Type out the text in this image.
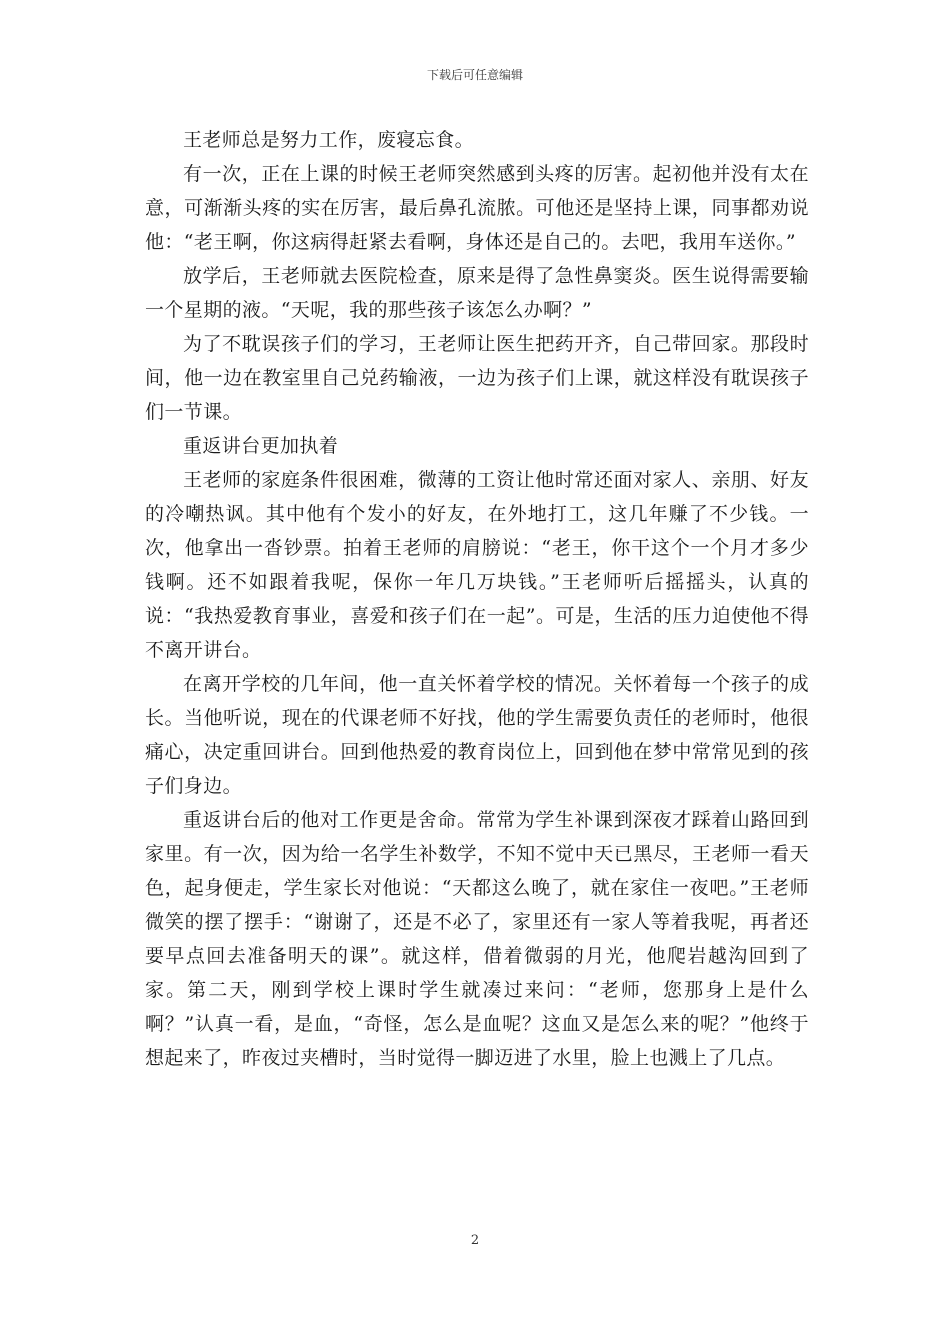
下载后可任意编辑

王老师总是努力工作，废寝忘食。

有一次，正在上课的时候王老师突然感到头疼的厉害。起初他并没有太在意，可渐渐头疼的实在厉害，最后鼻孔流脓。可他还是坚持上课，同事都劝说他：“老王啊，你这病得赶紧去看啊，身体还是自己的。去吧，我用车送你。”

放学后，王老师就去医院检查，原来是得了急性鼻窦炎。医生说得需要输一个星期的液。“天呢，我的那些孩子该怎么办啊？”

为了不耽误孩子们的学习，王老师让医生把药开齐，自己带回家。那段时间，他一边在教室里自己兑药输液，一边为孩子们上课，就这样没有耽误孩子们一节课。

重返讲台更加执着

王老师的家庭条件很困难，微薄的工资让他时常还面对家人、亲朋、好友的冷嘲热讽。其中他有个发小的好友，在外地打工，这几年赚了不少钱。一次，他拿出一沓钞票。拍着王老师的肩膀说：“老王，你干这个一个月才多少钱啊。还不如跟着我呢，保你一年几万块钱。”王老师听后摇摇头，认真的说：“我热爱教育事业，喜爱和孩子们在一起”。可是，生活的压力迫使他不得不离开讲台。

在离开学校的几年间，他一直关怀着学校的情况。关怀着每一个孩子的成长。当他听说，现在的代课老师不好找，他的学生需要负责任的老师时，他很痛心，决定重回讲台。回到他热爱的教育岗位上，回到他在梦中常常见到的孩子们身边。

重返讲台后的他对工作更是舍命。常常为学生补课到深夜才踩着山路回到家里。有一次，因为给一名学生补数学，不知不觉中天已黑尽，王老师一看天色，起身便走，学生家长对他说：“天都这么晚了，就在家住一夜吧。”王老师微笑的摆了摆手：“谢谢了，还是不必了，家里还有一家人等着我呢，再者还要早点回去准备明天的课”。就这样，借着微弱的月光，他爬岩越沟回到了家。第二天，刚到学校上课时学生就凑过来问：“老师，您那身上是什么啊？”认真一看，是血，“奇怪，怎么是血呢？这血又是怎么来的呢？”他终于想起来了，昨夜过夹槽时，当时觉得一脚迈进了水里，脸上也溅上了几点。

2
